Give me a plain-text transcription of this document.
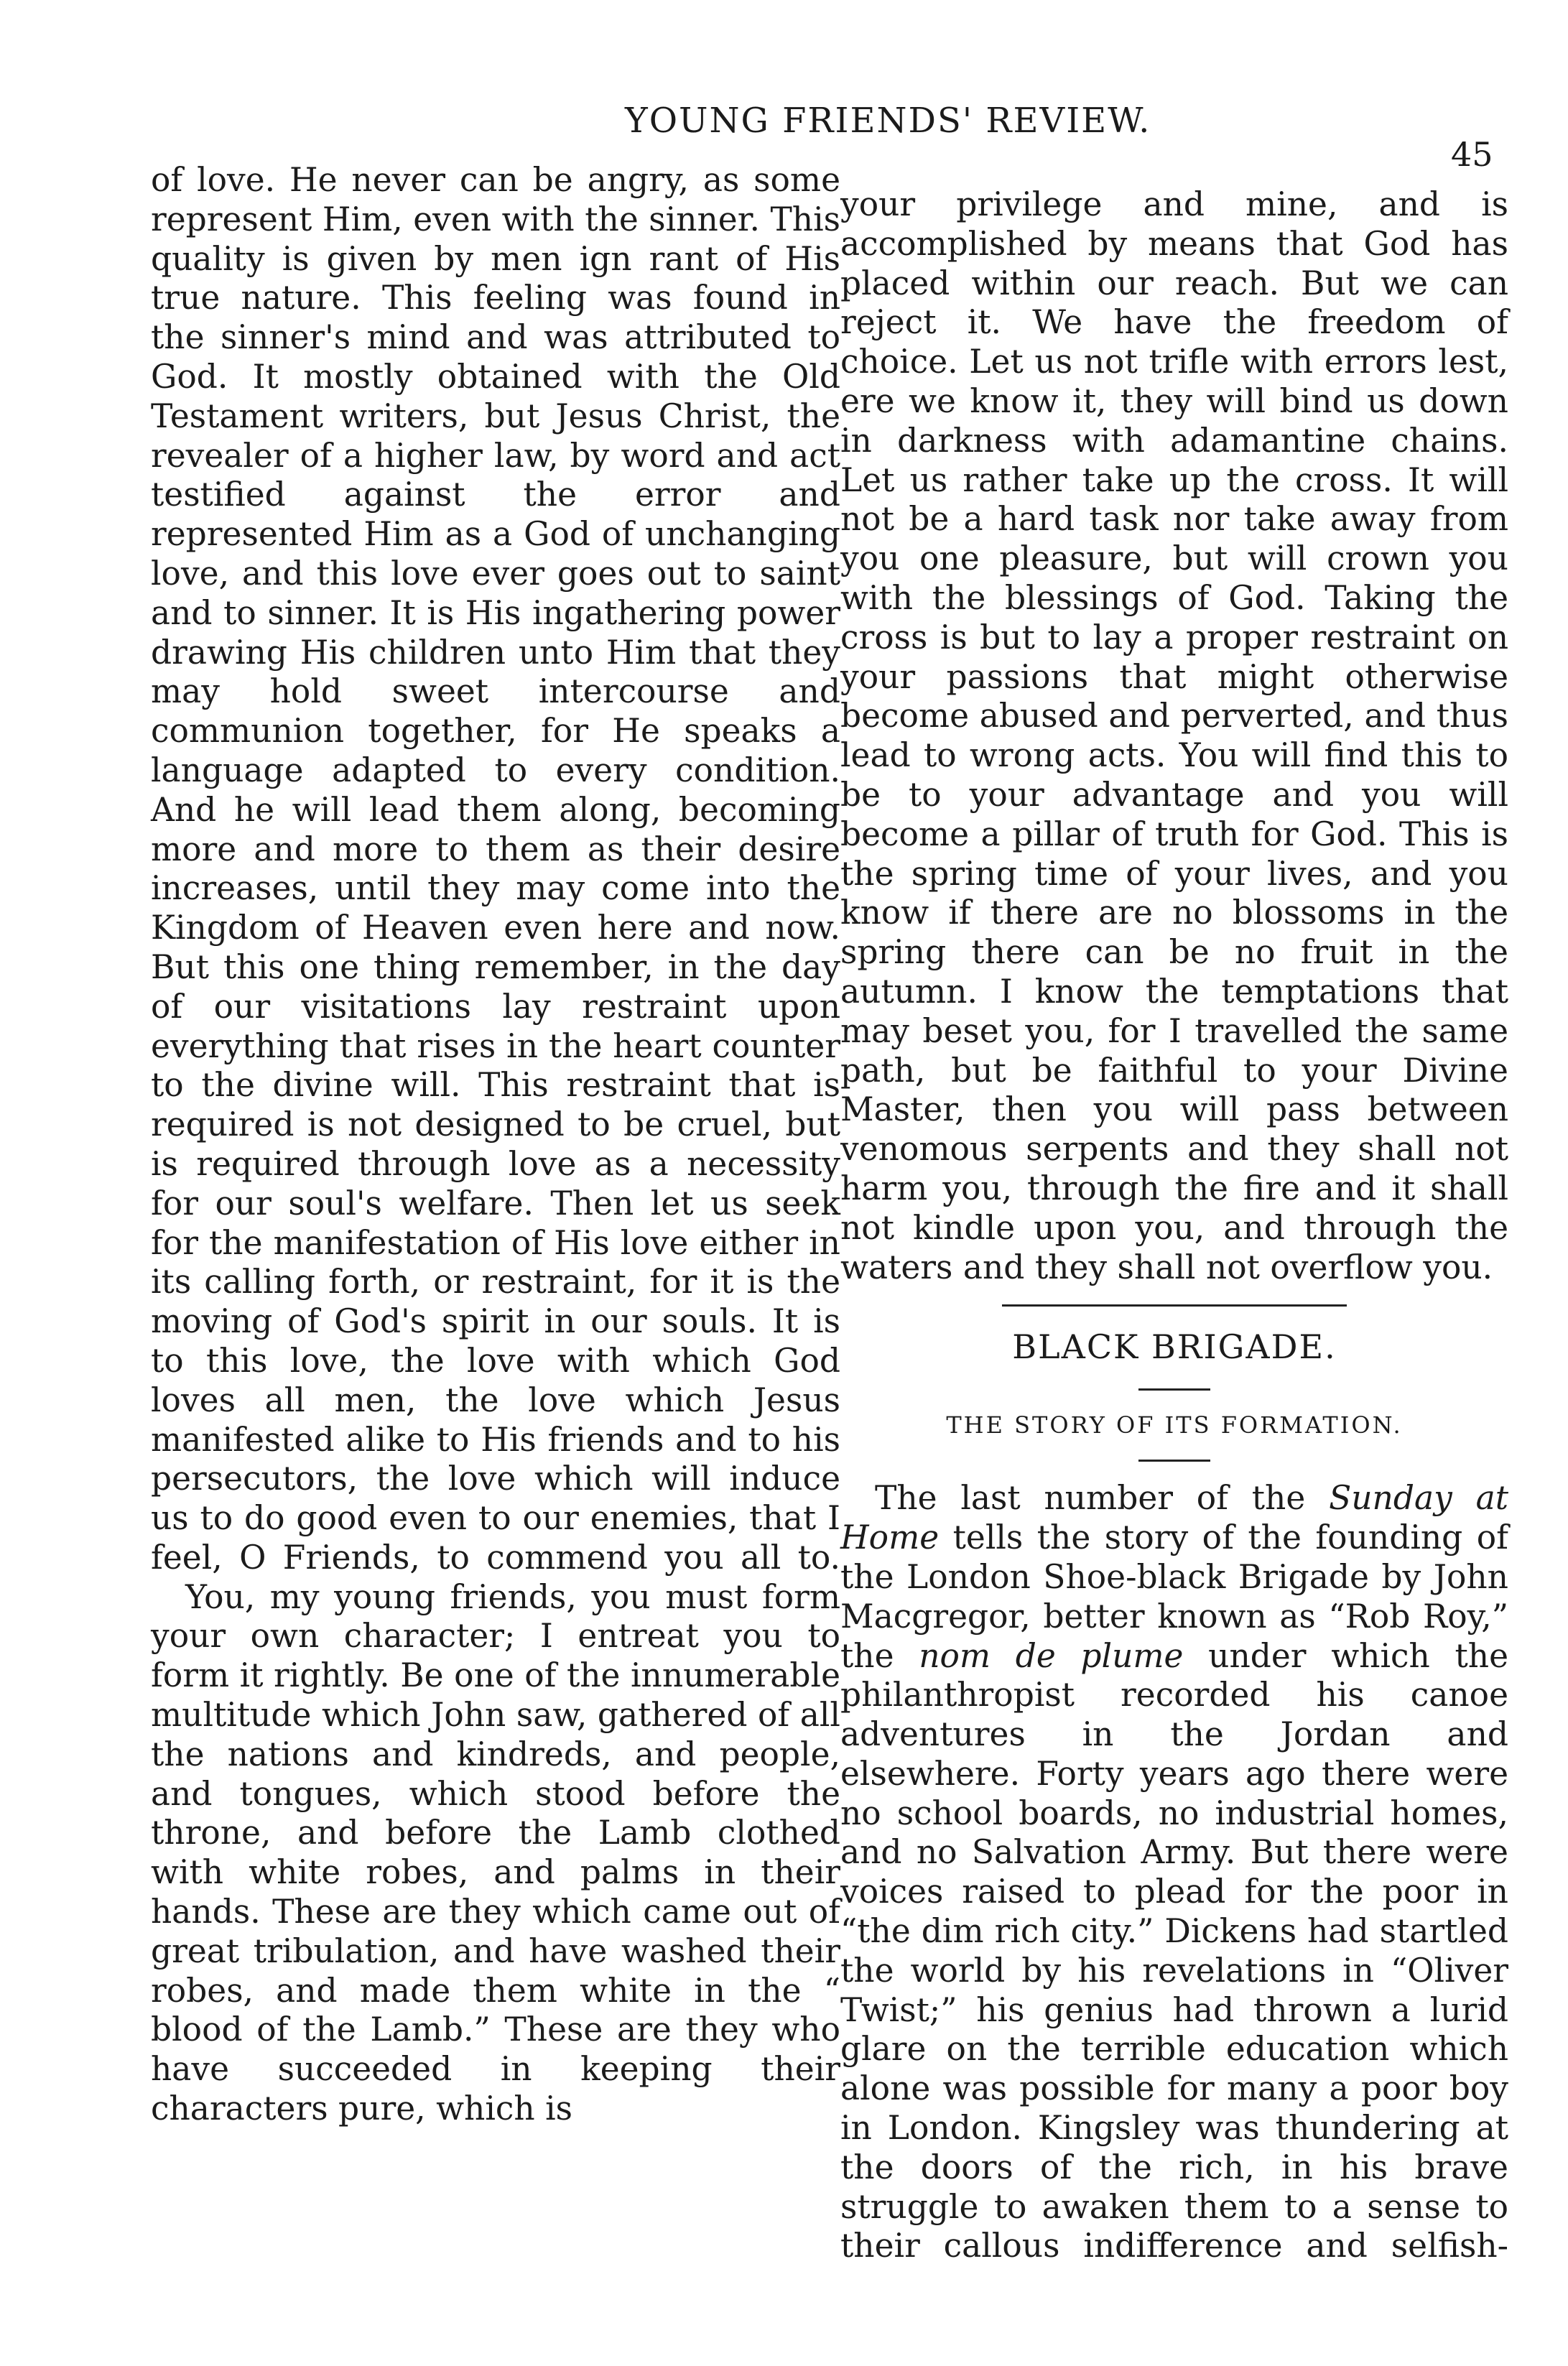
YOUNG FRIENDS' REVIEW.
45

of love. He never can be angry, as some represent Him, even with the sinner. This quality is given by men ign rant of His true nature. This feeling was found in the sinner's mind and was attributed to God. It mostly obtained with the Old Testament writers, but Jesus Christ, the revealer of a higher law, by word and act testified against the error and represented Him as a God of unchanging love, and this love ever goes out to saint and to sinner. It is His ingathering power drawing His children unto Him that they may hold sweet intercourse and communion together, for He speaks a language adapted to every condition. And he will lead them along, becoming more and more to them as their desire increases, until they may come into the Kingdom of Heaven even here and now. But this one thing remember, in the day of our visitations lay restraint upon everything that rises in the heart counter to the divine will. This restraint that is required is not designed to be cruel, but is required through love as a necessity for our soul's welfare. Then let us seek for the manifestation of His love either in its calling forth, or restraint, for it is the moving of God's spirit in our souls. It is to this love, the love with which God loves all men, the love which Jesus manifested alike to His friends and to his persecutors, the love which will induce us to do good even to our enemies, that I feel, O Friends, to commend you all to.

You, my young friends, you must form your own character; I entreat you to form it rightly. Be one of the innumerable multitude which John saw, gathered of all the nations and kindreds, and people, and tongues, which stood before the throne, and before the Lamb clothed with white robes, and palms in their hands. These are they which came out of great tribulation, and have washed their robes, and made them white in the “ blood of the Lamb.” These are they who have succeeded in keeping their characters pure, which is

your privilege and mine, and is accomplished by means that God has placed within our reach. But we can reject it. We have the freedom of choice. Let us not trifle with errors lest, ere we know it, they will bind us down in darkness with adamantine chains. Let us rather take up the cross. It will not be a hard task nor take away from you one pleasure, but will crown you with the blessings of God. Taking the cross is but to lay a proper restraint on your passions that might otherwise become abused and perverted, and thus lead to wrong acts. You will find this to be to your advantage and you will become a pillar of truth for God. This is the spring time of your lives, and you know if there are no blossoms in the spring there can be no fruit in the autumn. I know the temptations that may beset you, for I travelled the same path, but be faithful to your Divine Master, then you will pass between venomous serpents and they shall not harm you, through the fire and it shall not kindle upon you, and through the waters and they shall not overflow you.

BLACK BRIGADE.

THE STORY OF ITS FORMATION.

The last number of the Sunday at Home tells the story of the founding of the London Shoe-black Brigade by John Macgregor, better known as “Rob Roy,” the nom de plume under which the philanthropist recorded his canoe adventures in the Jordan and elsewhere. Forty years ago there were no school boards, no industrial homes, and no Salvation Army. But there were voices raised to plead for the poor in “the dim rich city.” Dickens had startled the world by his revelations in “Oliver Twist;” his genius had thrown a lurid glare on the terrible education which alone was possible for many a poor boy in London. Kingsley was thundering at the doors of the rich, in his brave struggle to awaken them to a sense to their callous indifference and selfish-
